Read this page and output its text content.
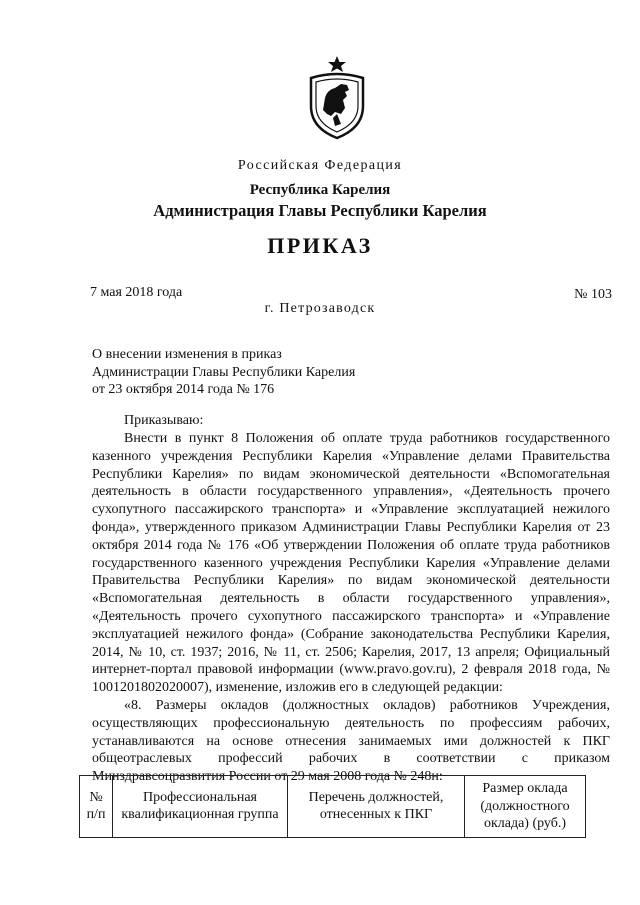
Российская Федерация
Республика Карелия
Администрация Главы Республики Карелия
ПРИКАЗ
7 мая 2018 года	№ 103
г. Петрозаводск
О внесении изменения в приказ
Администрации Главы Республики Карелия
от 23 октября 2014 года № 176
Приказываю:

Внести в пункт 8 Положения об оплате труда работников государственного казенного учреждения Республики Карелия «Управление делами Правительства Республики Карелия» по видам экономической деятельности «Вспомогательная деятельность в области государственного управления», «Деятельность прочего сухопутного пассажирского транспорта» и «Управление эксплуатацией нежилого фонда», утвержденного приказом Администрации Главы Республики Карелия от 23 октября 2014 года № 176 «Об утверждении Положения об оплате труда работников государственного казенного учреждения Республики Карелия «Управление делами Правительства Республики Карелия» по видам экономической деятельности «Вспомогательная деятельность в области государственного управления», «Деятельность прочего сухопутного пассажирского транспорта» и «Управление эксплуатацией нежилого фонда» (Собрание законодательства Республики Карелия, 2014, № 10, ст. 1937; 2016, № 11, ст. 2506; Карелия, 2017, 13 апреля; Официальный интернет-портал правовой информации (www.pravo.gov.ru), 2 февраля 2018 года, № 1001201802020007), изменение, изложив его в следующей редакции:

«8. Размеры окладов (должностных окладов) работников Учреждения, осуществляющих профессиональную деятельность по профессиям рабочих, устанавливаются на основе отнесения занимаемых ими должностей к ПКГ общеотраслевых профессий рабочих в соответствии с приказом Минздравсоцразвития России от 29 мая 2008 года № 248н:

№ п/п	Профессиональная квалификационная группа	Перечень должностей, отнесенных к ПКГ	Размер оклада (должностного оклада) (руб.)
